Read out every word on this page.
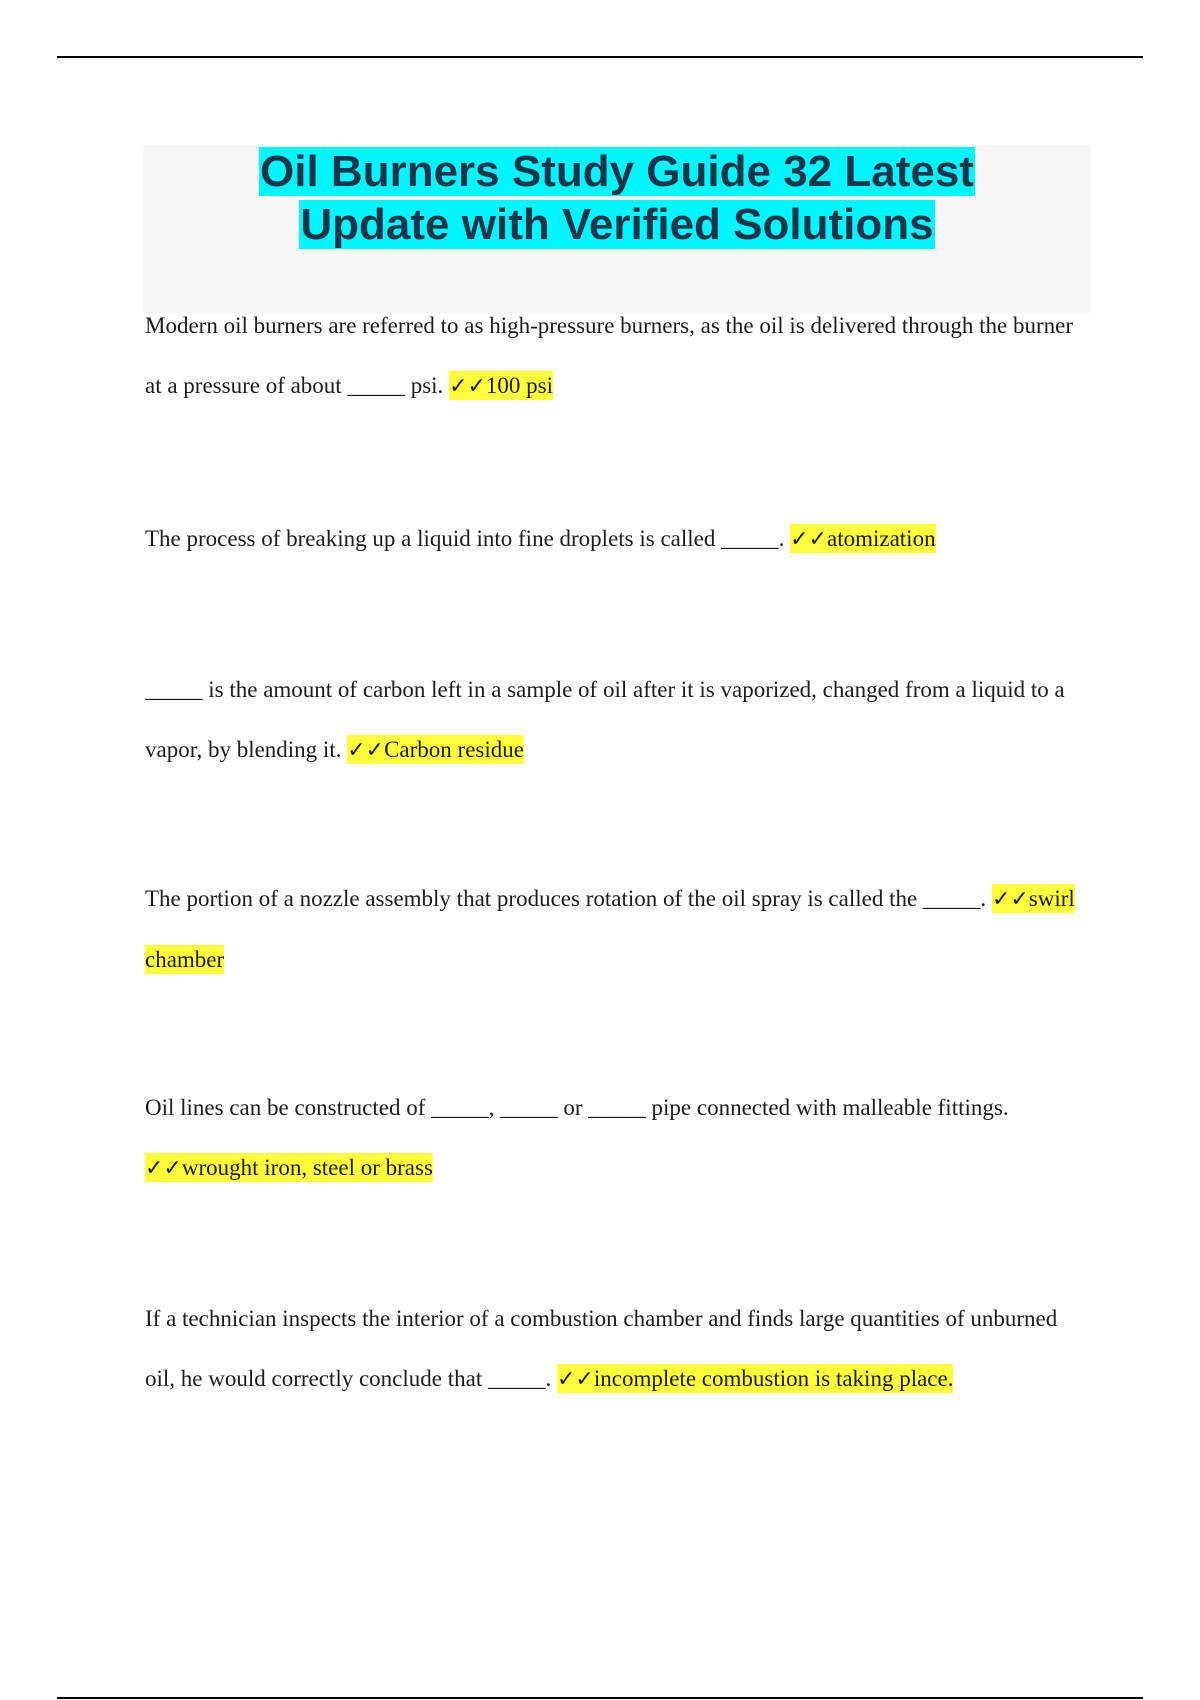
Oil Burners Study Guide 32 Latest
Update with Verified Solutions

Modern oil burners are referred to as high-pressure burners, as the oil is delivered through the burner at a pressure of about _____ psi. ✓✓100 psi

The process of breaking up a liquid into fine droplets is called _____. ✓✓atomization

_____ is the amount of carbon left in a sample of oil after it is vaporized, changed from a liquid to a vapor, by blending it. ✓✓Carbon residue

The portion of a nozzle assembly that produces rotation of the oil spray is called the _____. ✓✓swirl chamber

Oil lines can be constructed of _____, _____ or _____ pipe connected with malleable fittings. ✓✓wrought iron, steel or brass

If a technician inspects the interior of a combustion chamber and finds large quantities of unburned oil, he would correctly conclude that _____. ✓✓incomplete combustion is taking place.
